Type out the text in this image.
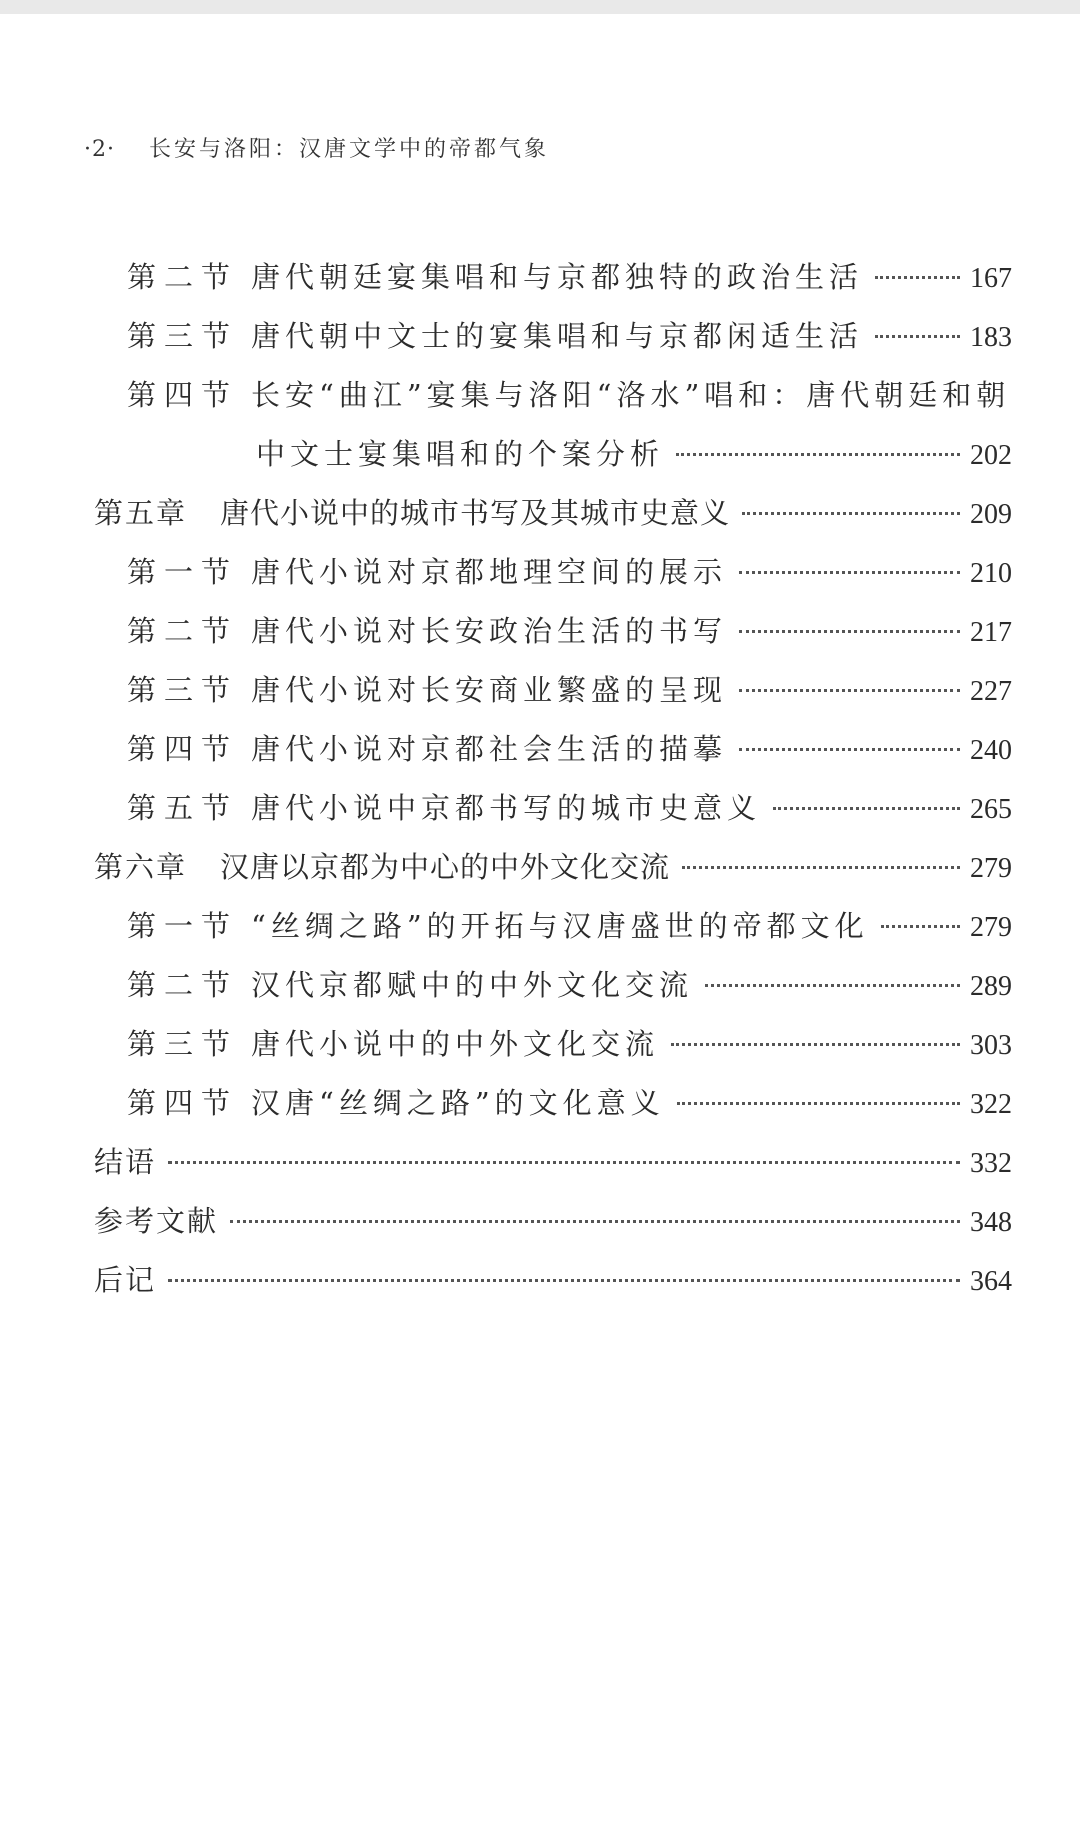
·2· 长安与洛阳：汉唐文学中的帝都气象
第二节 唐代朝廷宴集唱和与京都独特的政治生活	167
第三节 唐代朝中文士的宴集唱和与京都闲适生活	183
第四节 长安“曲江”宴集与洛阳“洛水”唱和：唐代朝廷和朝
中文士宴集唱和的个案分析	202
第五章	唐代小说中的城市书写及其城市史意义	209
第一节 唐代小说对京都地理空间的展示	210
第二节 唐代小说对长安政治生活的书写	217
第三节 唐代小说对长安商业繁盛的呈现	227
第四节 唐代小说对京都社会生活的描摹	240
第五节 唐代小说中京都书写的城市史意义	265
第六章	汉唐以京都为中心的中外文化交流	279
第一节 “丝绸之路”的开拓与汉唐盛世的帝都文化	279
第二节 汉代京都赋中的中外文化交流	289
第三节 唐代小说中的中外文化交流	303
第四节 汉唐“丝绸之路”的文化意义	322
结语	332
参考文献	348
后记	364
